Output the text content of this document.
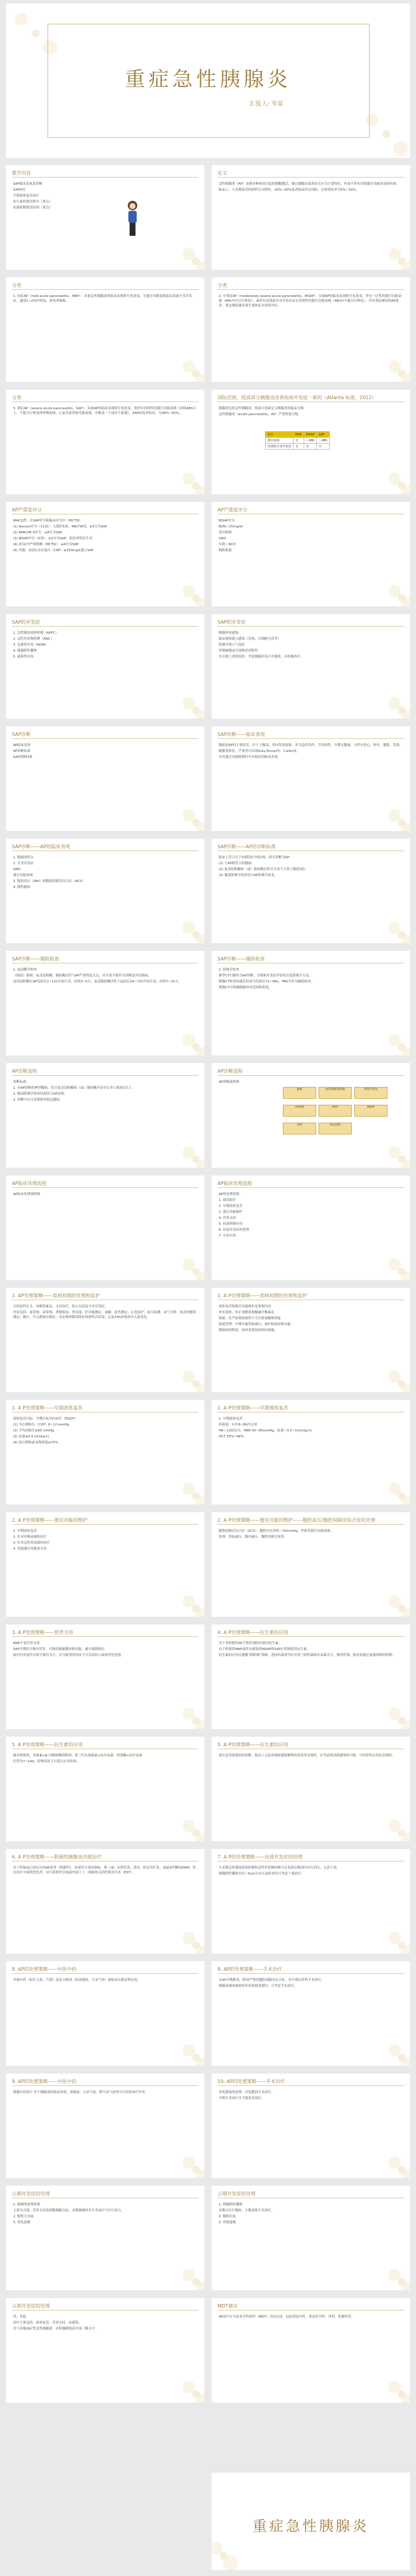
重症急性胰腺炎
汇报人: 岑某
教学内容

SAP临床表现及诊断

SAP治疗

早期液体复苏治疗

抗生素的使用指导（重点）

抗菌药物使用原则（重点）

定义

急性胰腺炎（AP）是指多种病因引起的胰酶激活，继以胰腺局部炎症反应为主要特征，伴或不伴有其他器官功能改变的疾病。

临床上，大多数患者的病程呈自限性，20%~30%患者临床经过凶险，总体病死率为5%~10%。

分类

1. 轻症AP（mild acute pancreatitis，MAP）：具备急性胰腺炎的临床表现和生化改变，无器官功能衰竭及局部或全身并发症，通常1~2周内恢复，病死率极低。

分类

2. 中重症AP（moderately severe acute pancreatitis，MSAP）：具备AP的临床表现和生化改变，伴有一过性的器官功能衰竭（48h内可自行恢复），或伴有局部或全身并发症而无持续性的器官功能衰竭（48h内不能自行恢复）。对有重症倾向的AP患者，要定期监测各项生命体征并持续评估。

分类

3. 重症AP（severe acute pancreatitis，SAP）：具备AP的临床表现和生化改变，须伴有持续性的器官功能衰竭（持续48h以上、不能自行恢复的呼吸系统、心血管或肾脏功能衰竭，可累及一个或多个脏器），SAP病死率较高，为36%~50%。

国际范围，提高部分胰腺炎改善指南并发症一新的（Atlanta 标准，2012）

胰腺炎包括急性胰腺炎，指南中更新定义胰腺炎的临床分级

急性胰腺炎（acute pancreatitis，AP）严重程度分级

项目	MAP	MSAP	SAP
器官衰竭	无	＜48h	＞48h
局部或全身并发症	无	有	有
AP严重度评分

MAP急性：在SAP评分和临床评分中（MCTSI）

(1) Ranson评分（11项）：入院时5项，48h内6项，≥3分为SAP

(2) APACHE II评分：≥8分为SAP

(3) BISAP评分（5项）：≥3分为SAP，病死率明显升高

(4) 改良CT严重指数（MCTSI）：≥4分为SAP

(5) 其他：血清C反应蛋白（CRP）≥150mg/L提示SAP

AP严重度评分

BISAP评分

BUN＞25mg/dl

意识障碍

SIRS

年龄＞60岁

胸腔积液

SAP的并发症

1. 急性胰周液体积聚（APFC）

2. 急性坏死物积聚（ANC）

3. 包裹性坏死（WON）

4. 胰腺假性囊肿

5. 感染性坏死

SAP的并发症

胰腺坏死感染：

临床观察提示感染（发热、白细胞升高等）

影像学提示气泡征

穿刺抽吸或引流物培养阳性

在出现上述情况时，考虑胰腺坏死合并感染，应积极治疗。

SAP诊断

AP临床表现

AP诊断标准

SAP诊断标准

SAP诊断——临床表现

腹痛是AP的主要症状，位于上腹部，常向背部放射，多为急性发作，呈持续性，少数无腹痛。可伴有恶心、呕吐、腹胀、发热。

腹膜炎体征，严重者可出现Grey-Turner征、Cullen征。

并发器官功能障碍时可有相应的临床表现。

SAP诊断——AP的临床表现

1. 腹痛的特点

2. 全身并发症

SIRS

器官功能衰竭

3. 腹腔高压（IAH）和腹腔间隔室综合征（ACS）

4. 胰性脑病

SAP诊断——AP的诊断标准

临床上符合以下3项特征中的2项，即可诊断为AP：

(1) 与AP相符合的腹痛；

(2) 血清淀粉酶和（或）脂肪酶活性至少高于正常上限值3倍；

(3) 腹部影像学检查符合AP影像学改变。

SAP诊断——辅助检查

1. 血清酶学检查

《指南》强调：血清淀粉酶、脂肪酶活性与AP严重程度无关，其升高不能作为诊断及评估指标。

血清淀粉酶在AP发病后2~12h开始升高，持续3~5天；血清脂肪酶活性于起病后24~72h开始升高，持续7~10天。

SAP诊断——辅助检查

2. 影像学检查

推荐CT扫描作为AP诊断、分级和并发症评估的首选影像学方法。

胰腺CT检查的最佳时间为发病后72~96h，MRI可作为辅助检查。

增强CT可明确胰腺坏死范围和程度。

AP诊断流程

诊断标准：

1. 有AP诊断的典型腹痛，结合血清淀粉酶和（或）脂肪酶升高至正常上限3倍以上；

2. 腹部影像学检查结果符合AP表现；

3. 诊断中应注意排除其他急腹症。

AP诊断流程

AP诊断流程图

腹痛	血淀粉酶/脂肪酶	影像学检查
AP诊断	MAP	MSAP
SAP	病因诊断
AP临床处理流程

AP临床处理流程图

AP临床处理流程

AP的处理原则：

1. 病因治疗

2. 早期液体复苏

3. 器官功能维护

4. 营养支持

5. 抗菌药物应用

6. 局部并发症的处理

7. 中医中药

1. AP处理策略——发病初期的处理和监护

目的是纠正水、电解质紊乱，支持治疗，防止局部及全身并发症。

内容包括：血常规、尿常规、粪便隐血、肾功能、肝功能测定；血糖、血钙测定；心电监护；血压监测；血气分析；血清电解质测定；胸片；中心静脉压测定；动态观察腹部体征和肠鸣音改变；记录24h尿量和出入量变化。

1. A P处理策略——发病初期的处理和监护

液体复苏和器官功能维护是重要内容

补充液体，纠正电解质和酸碱平衡紊乱

镇痛：在严密观察病情下可注射盐酸哌替啶

肠道管理：早期实施胃肠减压，保护肠道屏障功能。

根据病情程度、病因需要选择相应措施。

1. A P处理策略——早期液体复苏

液体复苏目标：早期目标导向治疗（EGDT）

(1) 中心静脉压（CVP）8~12 mmHg

(2) 平均动脉压≥65 mmHg

(3) 尿量≥0.5 ml/(kg·h)

(4) 混合静脉血氧饱和度≥70%

1. A P处理策略——早期液体复苏

1. 早期液体复苏

补液量：应在6~8h内完成

HR＜120次/分，MAP 65~85mmHg，尿量＞0.5~1ml/(kg·h)

HCT 35%~44%

2. A P处理策略——器官功能的维护

1. 早期液体复苏

2. 针对呼吸衰竭的治疗

3. 针对急性肾衰竭的治疗

4. 其他器官功能的支持

2. A P处理策略——器官功能的维护——腹腔高压/腹腔间隔室综合征的处理

腹腔间隔室综合征（ACS）：腹腔内压持续＞20mmHg，伴新发器官功能衰竭。

处理：胃肠减压、腹内减压、腹腔穿刺引流等。

3. A P处理策略——营养支持

MAP不需营养支持

SAP早期给予肠内营养，可维持肠黏膜屏障功能，减少细菌移位。

肠内营养途径以鼻空肠管为主，在可耐受的情况下可尝试经口或鼻胃管进食。

4. A P处理策略——抗生素的应用

对于非胆源性AP不推荐预防性使用抗生素。

对于胆源性MAP或伴有感染的MSAP和SAP应常规使用抗生素。

抗生素的应用应遵循“降阶梯”策略，选择抗菌谱为针对革兰阴性菌和厌氧菌为主、脂溶性强、能有效通过血胰屏障的药物。

5. A P处理策略——抗生素的应用

碳青霉烯类、青霉素+β-内酰胺酶抑制剂、第三代头孢菌素+抗厌氧菌、喹诺酮+抗厌氧菌

疗程为7~14d，特殊情况下可延长应用时间。

5. A P处理策略——抗生素的应用

要注意真菌感染的诊断，临床上无法用细菌感染解释的发热等表现时，应考虑到真菌感染的可能，可经验性应用抗真菌药。

6. A P处理策略——胆源性胰腺炎内镜治疗

对于怀疑或已经证实的AP患者（胆源性），如果符合重症指标，和（或）有胆管炎、黄疸、胆总管扩张，或最初判断是MAP，但在治疗中病情恶化者，应行鼻胆管引流或内镜下十二指肠乳头括约肌切开术（EST）。

7. A P的处理策略——局部并发症的处理

大多数急性胰周液体积聚和急性坏死物积聚可在发病后数周内自行消失，无需干预。

胰腺假性囊肿直径＞6cm且有压迫症状时可考虑干预治疗。

8. AP的处理策略——中医中药

单味中药（如生大黄、芒硝）及复方制剂（如清胰汤、大承气汤）被临床实践证明有效。

9. AP的处理策略——手术治疗

在AP早期阶段，除因严重的腹腔间隔室综合征，均不建议外科手术治疗。

胰腺及胰周感染性坏死病情需要时，可考虑手术治疗。

9. AP的处理策略——中医中药

胰腺中药治疗 对于胰腺炎的临床表现，清胰汤、大承气汤、柴芍承气汤等可以发挥治疗作用。

10. AP的处理策略——手术治疗

坏死感染的处理：首选微创手术治疗。

早期手术治疗并不能改善预后。

云期并发症的处理

1. 胰瘘的处理原则

主要为引流、营养支持及抑制胰腺分泌。多数胰瘘经非手术治疗可自行闭合。

2. 腹腔大出血

3. 消化道瘘

云期并发症的处理

1. 胰腺假性囊肿

多数可自行吸收，少数需要手术治疗。

2. 腹腔出血

3. 胃肠道瘘

云期并发症的处理

四、其他

治疗主要包括：液体复苏、营养支持、抗感染。

对于高脂血症性急性胰腺炎，应积极降低血甘油三酯水平。

MDT建议

AP治疗应当由多学科协作（MDT）共同完成，包括消化内科、重症医学科、外科、影像科等。

重症急性胰腺炎
